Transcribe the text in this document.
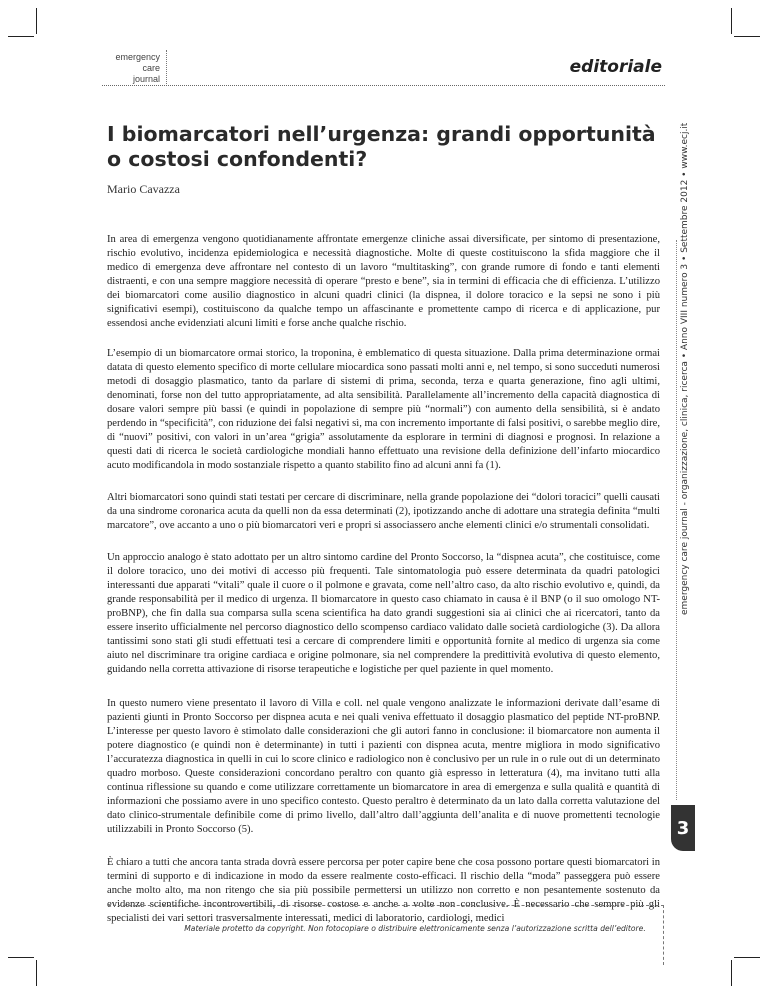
emergency
care
journal
editoriale
I biomarcatori nell’urgenza: grandi opportunità o costosi confondenti?
Mario Cavazza

In area di emergenza vengono quotidianamente affrontate emergenze cliniche assai diversificate, per sintomo di presentazione, rischio evolutivo, incidenza epidemiologica e necessità diagnostiche. Molte di queste costituiscono la sfida maggiore che il medico di emergenza deve affrontare nel contesto di un lavoro “multitasking”, con grande rumore di fondo e tanti elementi distraenti, e con una sempre maggiore necessità di operare “presto e bene”, sia in termini di efficacia che di efficienza. L’utilizzo dei biomarcatori come ausilio diagnostico in alcuni quadri clinici (la dispnea, il dolore toracico e la sepsi ne sono i più significativi esempi), costituiscono da qualche tempo un affascinante e promettente campo di ricerca e di applicazione, pur essendosi anche evidenziati alcuni limiti e forse anche qualche rischio.

L’esempio di un biomarcatore ormai storico, la troponina, è emblematico di questa situazione. Dalla prima determinazione ormai datata di questo elemento specifico di morte cellulare miocardica sono passati molti anni e, nel tempo, si sono succeduti numerosi metodi di dosaggio plasmatico, tanto da parlare di sistemi di prima, seconda, terza e quarta generazione, fino agli ultimi, denominati, forse non del tutto appropriatamente, ad alta sensibilità. Parallelamente all’incremento della capacità diagnostica di dosare valori sempre più bassi (e quindi in popolazione di sempre più “normali”) con aumento della sensibilità, si è andato perdendo in “specificità”, con riduzione dei falsi negativi sì, ma con incremento importante di falsi positivi, o sarebbe meglio dire, di “nuovi” positivi, con valori in un’area “grigia” assolutamente da esplorare in termini di diagnosi e prognosi. In relazione a questi dati di ricerca le società cardiologiche mondiali hanno effettuato una revisione della definizione dell’infarto miocardico acuto modificandola in modo sostanziale rispetto a quanto stabilito fino ad alcuni anni fa (1).

Altri biomarcatori sono quindi stati testati per cercare di discriminare, nella grande popolazione dei “dolori toracici” quelli causati da una sindrome coronarica acuta da quelli non da essa determinati (2), ipotizzando anche di adottare una strategia definita “multi marcatore”, ove accanto a uno o più biomarcatori veri e propri si associassero anche elementi clinici e/o strumentali consolidati.

Un approccio analogo è stato adottato per un altro sintomo cardine del Pronto Soccorso, la “dispnea acuta”, che costituisce, come il dolore toracico, uno dei motivi di accesso più frequenti. Tale sintomatologia può essere determinata da quadri patologici interessanti due apparati “vitali” quale il cuore o il polmone e gravata, come nell’altro caso, da alto rischio evolutivo e, quindi, da grande responsabilità per il medico di urgenza. Il biomarcatore in questo caso chiamato in causa è il BNP (o il suo omologo NT-proBNP), che fin dalla sua comparsa sulla scena scientifica ha dato grandi suggestioni sia ai clinici che ai ricercatori, tanto da essere inserito ufficialmente nel percorso diagnostico dello scompenso cardiaco validato dalle società cardiologiche (3). Da allora tantissimi sono stati gli studi effettuati tesi a cercare di comprendere limiti e opportunità fornite al medico di urgenza sia come aiuto nel discriminare tra origine cardiaca e origine polmonare, sia nel comprendere la predittività evolutiva di questo elemento, guidando nella corretta attivazione di risorse terapeutiche e logistiche per quel paziente in quel momento.

In questo numero viene presentato il lavoro di Villa e coll. nel quale vengono analizzate le informazioni derivate dall’esame di pazienti giunti in Pronto Soccorso per dispnea acuta e nei quali veniva effettuato il dosaggio plasmatico del peptide NT-proBNP. L’interesse per questo lavoro è stimolato dalle considerazioni che gli autori fanno in conclusione: il biomarcatore non aumenta il potere diagnostico (e quindi non è determinante) in tutti i pazienti con dispnea acuta, mentre migliora in modo significativo l’accuratezza diagnostica in quelli in cui lo score clinico e radiologico non è conclusivo per un rule in o rule out di un determinato quadro morboso. Queste considerazioni concordano peraltro con quanto già espresso in letteratura (4), ma invitano tutti alla continua riflessione su quando e come utilizzare correttamente un biomarcatore in area di emergenza e sulla qualità e quantità di informazioni che possiamo avere in uno specifico contesto. Questo peraltro è determinato da un lato dalla corretta valutazione del dato clinico-strumentale definibile come di primo livello, dall’altro dall’aggiunta dell’analita e di nuove promettenti tecnologie utilizzabili in Pronto Soccorso (5).

È chiaro a tutti che ancora tanta strada dovrà essere percorsa per poter capire bene che cosa possono portare questi biomarcatori in termini di supporto e di indicazione in modo da essere realmente costo-efficaci. Il rischio della “moda” passeggera può essere anche molto alto, ma non ritengo che sia più possibile permettersi un utilizzo non corretto e non pesantemente sostenuto da evidenze scientifiche incontrovertibili, di risorse costose e anche a volte non conclusive. È necessario che sempre più gli specialisti dei vari settori trasversalmente interessati, medici di laboratorio, cardiologi, medici

emergency care journal - organizzazione, clinica, ricerca • Anno VIII numero 3 • Settembre 2012 • www.ecj.it
3
Materiale protetto da copyright. Non fotocopiare o distribuire elettronicamente senza l’autorizzazione scritta dell’editore.
